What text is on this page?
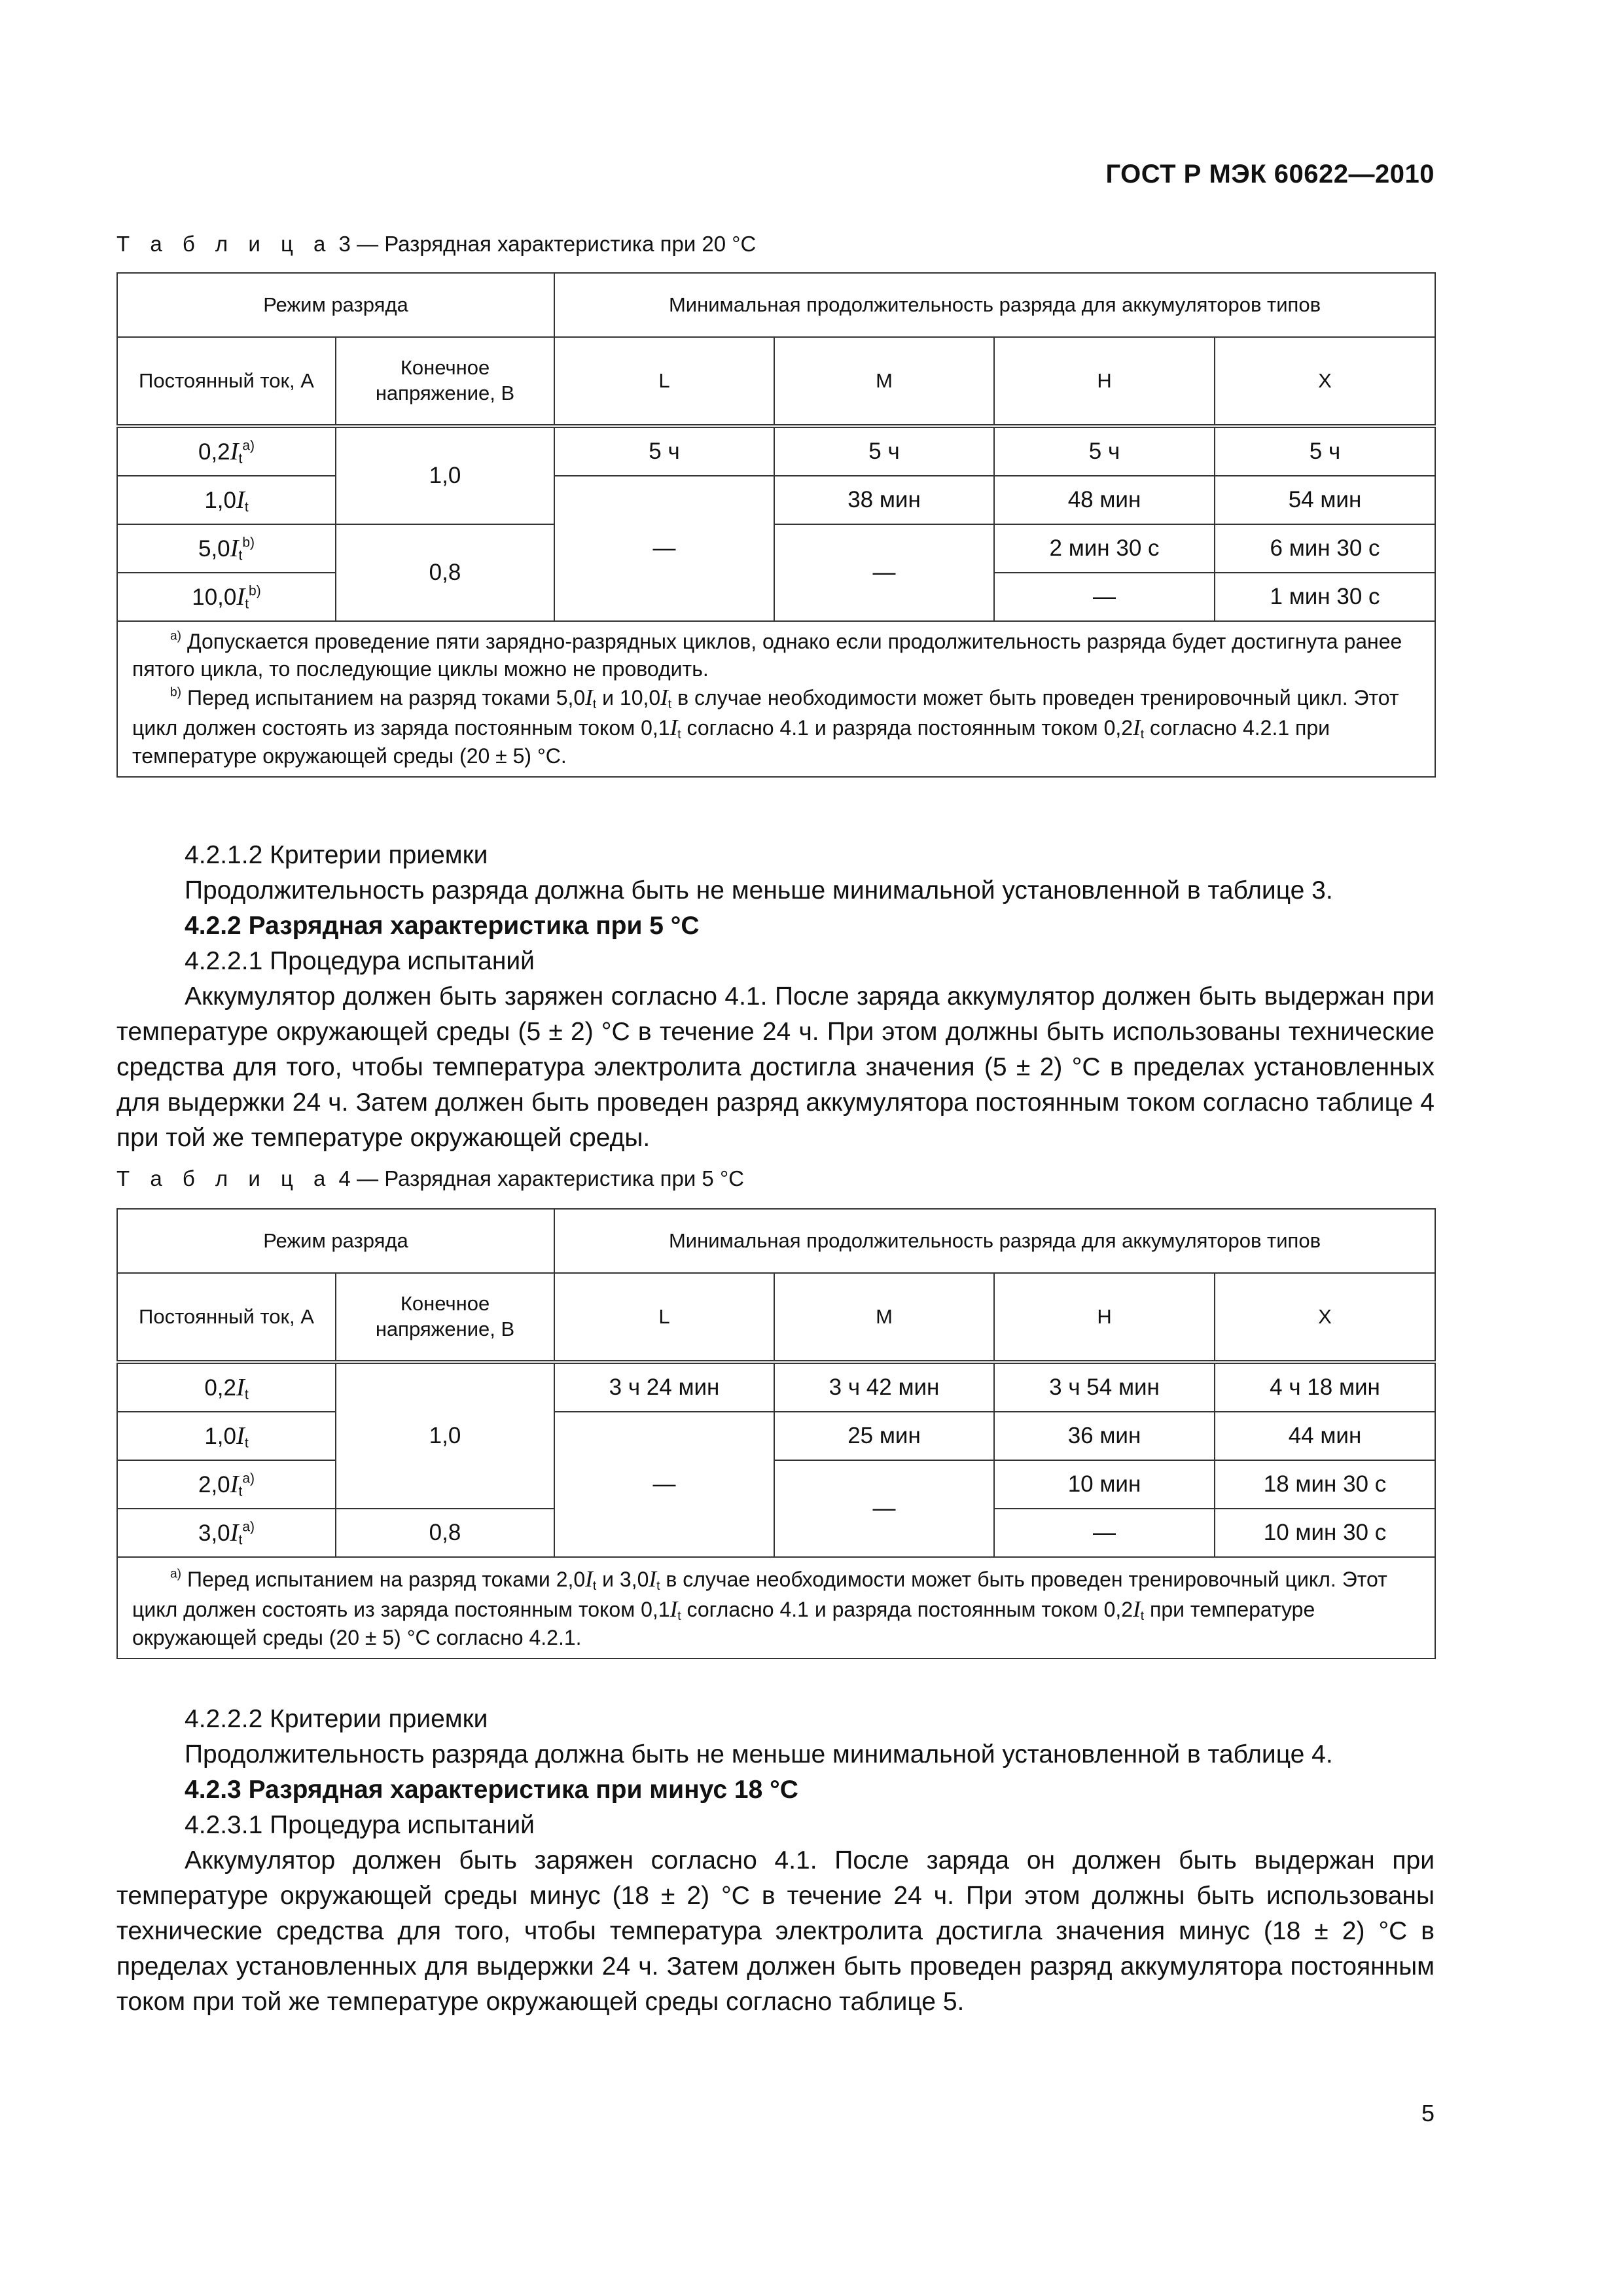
ГОСТ Р МЭК 60622—2010
Т а б л и ц а 3 — Разрядная характеристика при 20 °С
Режим разряда		Минимальная продолжительность разряда для аккумуляторов типов			
Постоянный ток, А	Конечное напряжение, В	L	M	H	X
$0,2I_t^{a)}$	1,0	5 ч	5 ч	5 ч	5 ч
$1,0I_t$		—	38 мин	48 мин	54 мин
$5,0I_t^{b)}$	0,8		—	2 мин 30 с	6 мин 30 с
$10,0I_t^{b)}$				—	1 мин 30 с

$^{a)}$ Допускается проведение пяти зарядно-разрядных циклов, однако если продолжительность разряда будет достигнута ранее пятого цикла, то последующие циклы можно не проводить.
$^{b)}$ Перед испытанием на разряд токами $5,0I_t$ и $10,0I_t$ в случае необходимости может быть проведен тренировочный цикл. Этот цикл должен состоять из заряда постоянным током $0,1I_t$ согласно 4.1 и разряда постоянным током $0,2I_t$ согласно 4.2.1 при температуре окружающей среды (20 ± 5) °С.					
4.2.1.2 Критерии приемки
Продолжительность разряда должна быть не меньше минимальной установленной в таблице 3.
4.2.2 Разрядная характеристика при 5 °С
4.2.2.1 Процедура испытаний
Аккумулятор должен быть заряжен согласно 4.1. После заряда аккумулятор должен быть выдержан при температуре окружающей среды (5 ± 2) °С в течение 24 ч. При этом должны быть использованы технические средства для того, чтобы температура электролита достигла значения (5 ± 2) °С в пределах установленных для выдержки 24 ч. Затем должен быть проведен разряд аккумулятора постоянным током согласно таблице 4 при той же температуре окружающей среды.
Т а б л и ц а 4 — Разрядная характеристика при 5 °С
Режим разряда		Минимальная продолжительность разряда для аккумуляторов типов			
Постоянный ток, А	Конечное напряжение, В	L	M	H	X
$0,2I_t$	1,0	3 ч 24 мин	3 ч 42 мин	3 ч 54 мин	4 ч 18 мин
$1,0I_t$		—	25 мин	36 мин	44 мин
$2,0I_t^{a)}$			—	10 мин	18 мин 30 с
$3,0I_t^{a)}$	0,8			—	10 мин 30 с

$^{a)}$ Перед испытанием на разряд токами $2,0I_t$ и $3,0I_t$ в случае необходимости может быть проведен тренировочный цикл. Этот цикл должен состоять из заряда постоянным током $0,1I_t$ согласно 4.1 и разряда постоянным током $0,2I_t$ при температуре окружающей среды (20 ± 5) °С согласно 4.2.1.					
4.2.2.2 Критерии приемки
Продолжительность разряда должна быть не меньше минимальной установленной в таблице 4.
4.2.3 Разрядная характеристика при минус 18 °С
4.2.3.1 Процедура испытаний
Аккумулятор должен быть заряжен согласно 4.1. После заряда он должен быть выдержан при температуре окружающей среды минус (18 ± 2) °С в течение 24 ч. При этом должны быть использованы технические средства для того, чтобы температура электролита достигла значения минус (18 ± 2) °С в пределах установленных для выдержки 24 ч. Затем должен быть проведен разряд аккумулятора постоянным током при той же температуре окружающей среды согласно таблице 5.
5
